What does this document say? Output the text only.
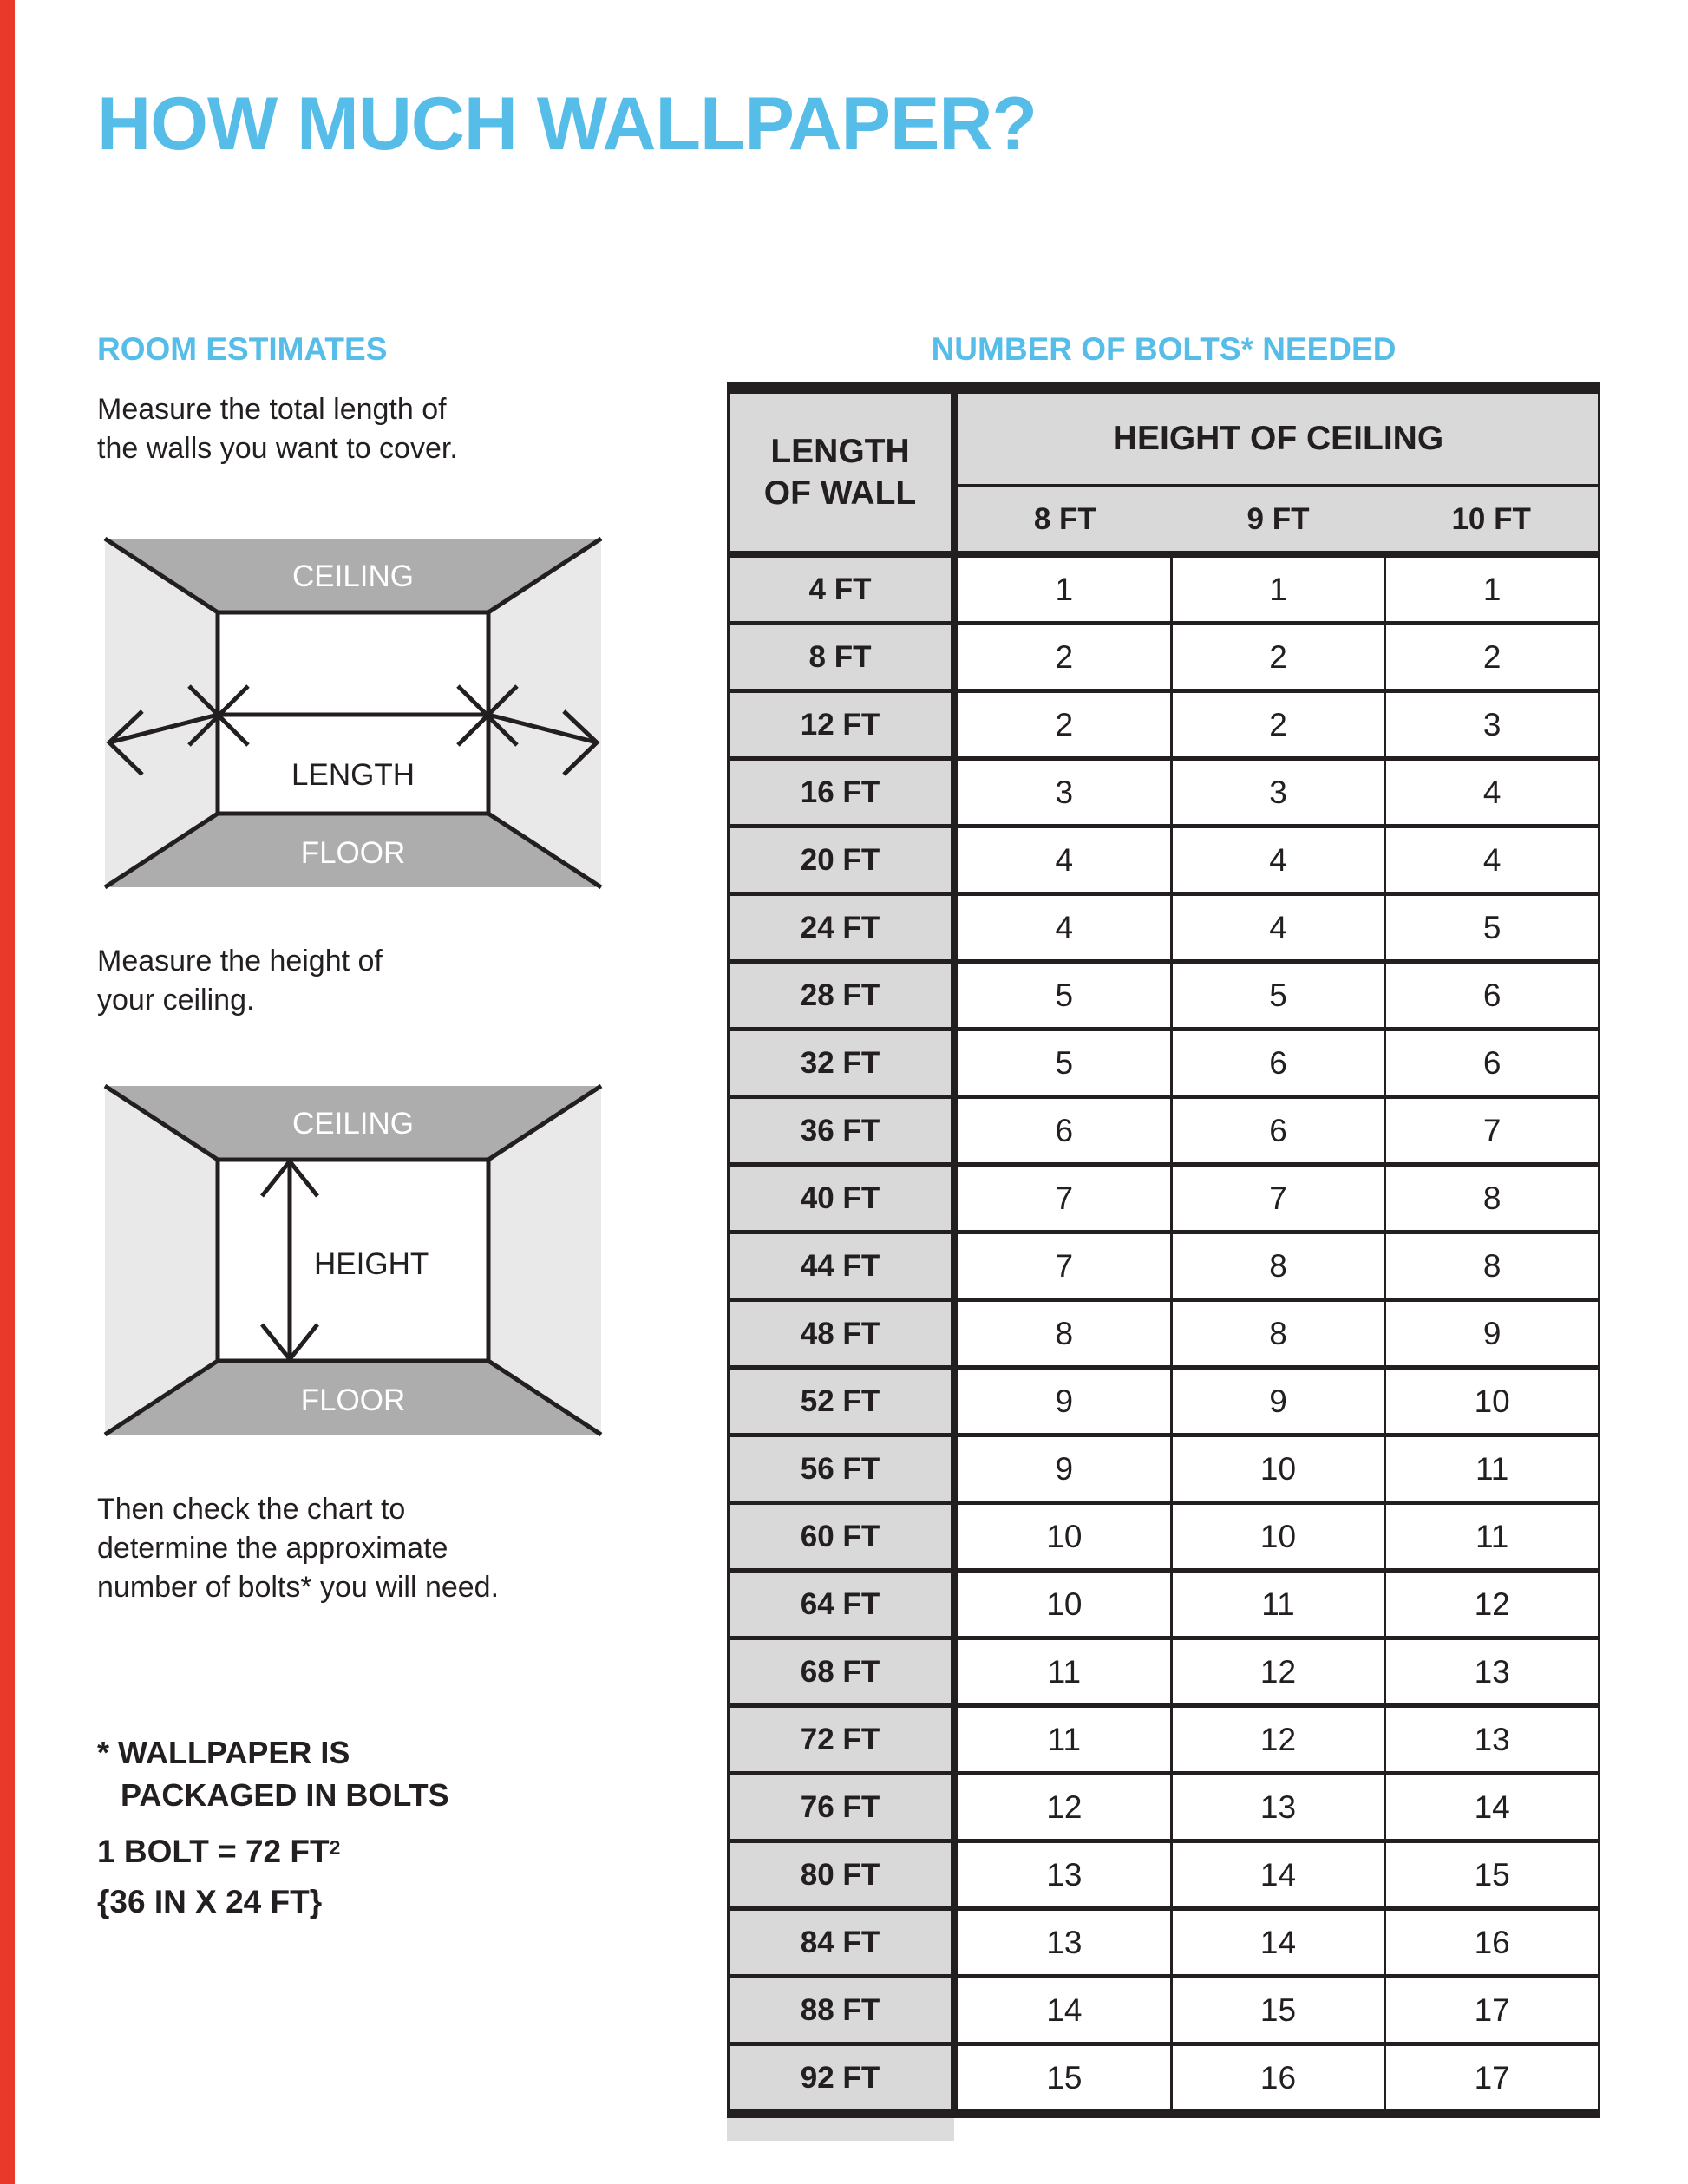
HOW MUCH WALLPAPER?
ROOM ESTIMATES	NUMBER OF BOLTS* NEEDED
Measure the total length of
the walls you want to cover.
CEILING
FLOOR
LENGTH
Measure the height of
your ceiling.
CEILING
FLOOR
HEIGHT
Then check the chart to
determine the approximate
number of bolts* you will need.
* WALLPAPER IS
PACKAGED IN BOLTS
1 BOLT = 72 $FT^2$
{36 IN X 24 FT}
LENGTH
OF WALL
HEIGHT OF CEILING
8 FT	9 FT	10 FT
4 FT	1	1	1
8 FT	2	2	2
12 FT	2	2	3
16 FT	3	3	4
20 FT	4	4	4
24 FT	4	4	5
28 FT	5	5	6
32 FT	5	6	6
36 FT	6	6	7
40 FT	7	7	8
44 FT	7	8	8
48 FT	8	8	9
52 FT	9	9	10
56 FT	9	10	11
60 FT	10	10	11
64 FT	10	11	12
68 FT	11	12	13
72 FT	11	12	13
76 FT	12	13	14
80 FT	13	14	15
84 FT	13	14	16
88 FT	14	15	17
92 FT	15	16	17
